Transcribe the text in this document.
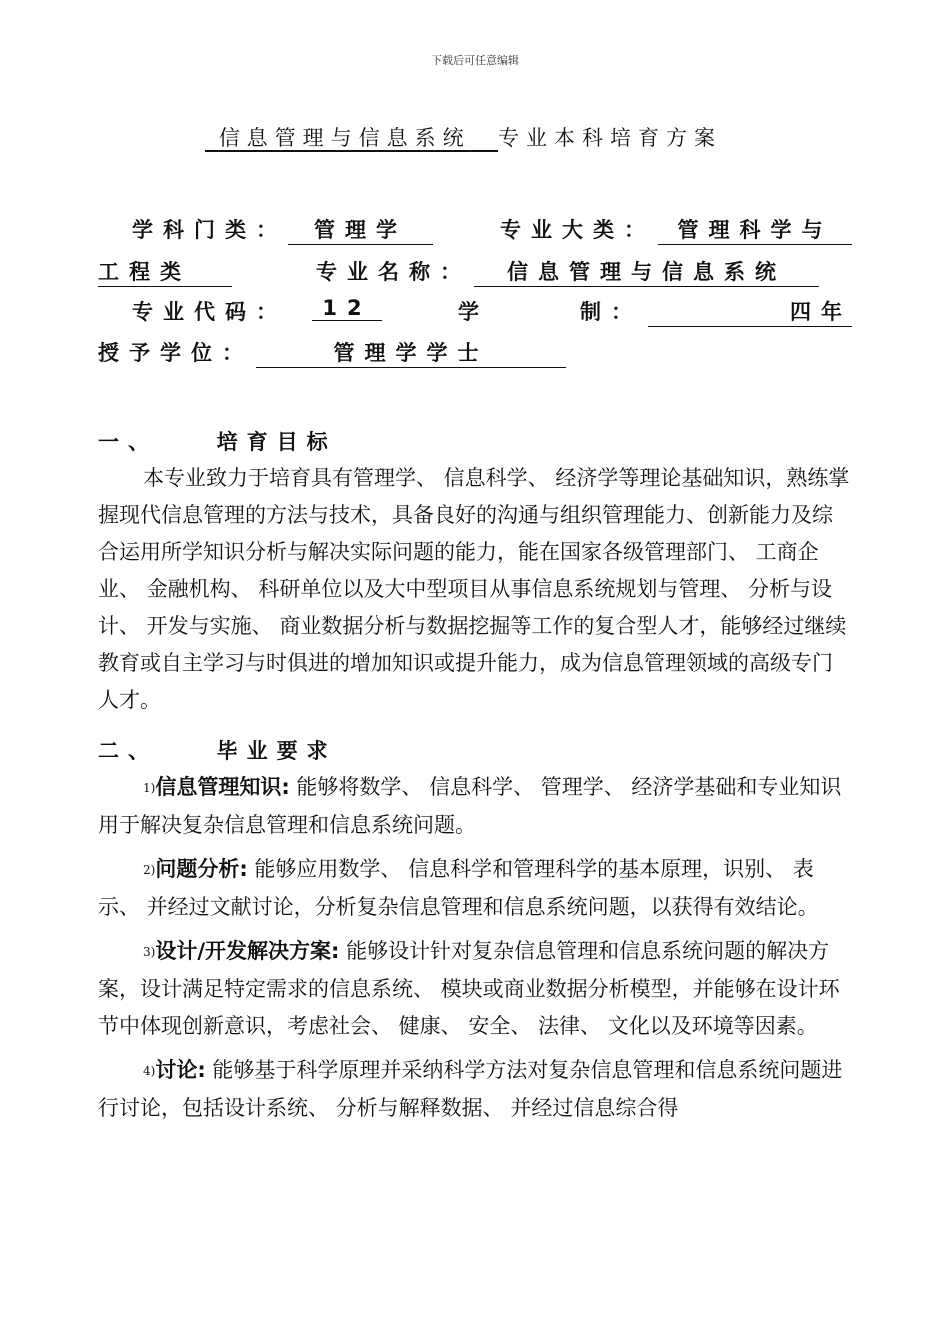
下载后可任意编辑
信息管理与信息系统 专业本科培育方案
学科门类：	管理学	专业大类：	管理科学与
工程类	专业名称：	信息管理与信息系统
专业代码：	12	学	制：	四年
授予学位：	管理学学士
一、	培育目标

本专业致力于培育具有管理学、 信息科学、 经济学等理论基础知识，熟练掌握现代信息管理的方法与技术，具备良好的沟通与组织管理能力、创新能力及综合运用所学知识分析与解决实际问题的能力，能在国家各级管理部门、 工商企业、 金融机构、 科研单位以及大中型项目从事信息系统规划与管理、 分析与设计、 开发与实施、 商业数据分析与数据挖掘等工作的复合型人才，能够经过继续教育或自主学习与时俱进的增加知识或提升能力，成为信息管理领域的高级专门人才。

二、	毕业要求

1)信息管理知识: 能够将数学、 信息科学、 管理学、 经济学基础和专业知识用于解决复杂信息管理和信息系统问题。

2)问题分析: 能够应用数学、 信息科学和管理科学的基本原理，识别、 表示、 并经过文献讨论，分析复杂信息管理和信息系统问题，以获得有效结论。

3)设计/开发解决方案: 能够设计针对复杂信息管理和信息系统问题的解决方案，设计满足特定需求的信息系统、 模块或商业数据分析模型，并能够在设计环节中体现创新意识，考虑社会、 健康、 安全、 法律、 文化以及环境等因素。

4)讨论: 能够基于科学原理并采纳科学方法对复杂信息管理和信息系统问题进行讨论，包括设计系统、 分析与解释数据、 并经过信息综合得
